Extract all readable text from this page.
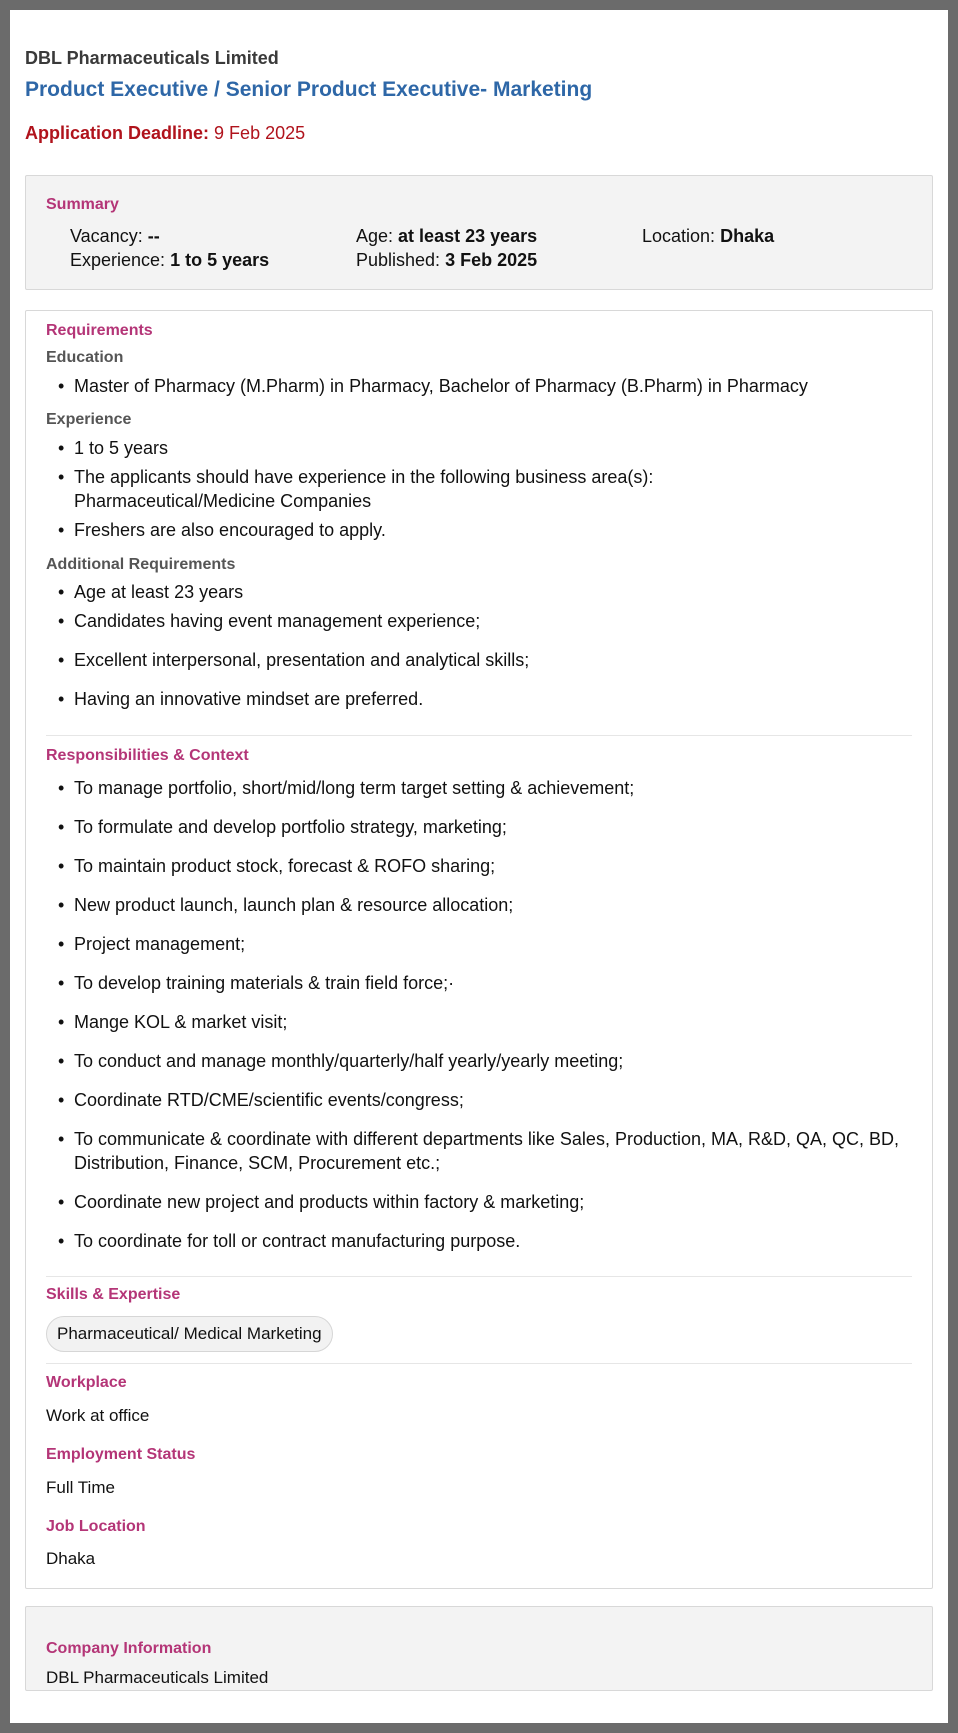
DBL Pharmaceuticals Limited
Product Executive / Senior Product Executive- Marketing
Application Deadline: 9 Feb 2025
Summary
Vacancy: --	Age: at least 23 years	Location: Dhaka
Experience: 1 to 5 years	Published: 3 Feb 2025
Requirements
Education
• Master of Pharmacy (M.Pharm) in Pharmacy, Bachelor of Pharmacy (B.Pharm) in Pharmacy
Experience
• 1 to 5 years
• The applicants should have experience in the following business area(s):
Pharmaceutical/Medicine Companies
• Freshers are also encouraged to apply.
Additional Requirements
• Age at least 23 years
• Candidates having event management experience;
• Excellent interpersonal, presentation and analytical skills;
• Having an innovative mindset are preferred.
Responsibilities & Context
• To manage portfolio, short/mid/long term target setting & achievement;
• To formulate and develop portfolio strategy, marketing;
• To maintain product stock, forecast & ROFO sharing;
• New product launch, launch plan & resource allocation;
• Project management;
• To develop training materials & train field force;·
• Mange KOL & market visit;
• To conduct and manage monthly/quarterly/half yearly/yearly meeting;
• Coordinate RTD/CME/scientific events/congress;
• To communicate & coordinate with different departments like Sales, Production, MA, R&D, QA, QC, BD,
Distribution, Finance, SCM, Procurement etc.;
• Coordinate new project and products within factory & marketing;
• To coordinate for toll or contract manufacturing purpose.
Skills & Expertise
Pharmaceutical/ Medical Marketing
Workplace
Work at office
Employment Status
Full Time
Job Location
Dhaka
Company Information
DBL Pharmaceuticals Limited
